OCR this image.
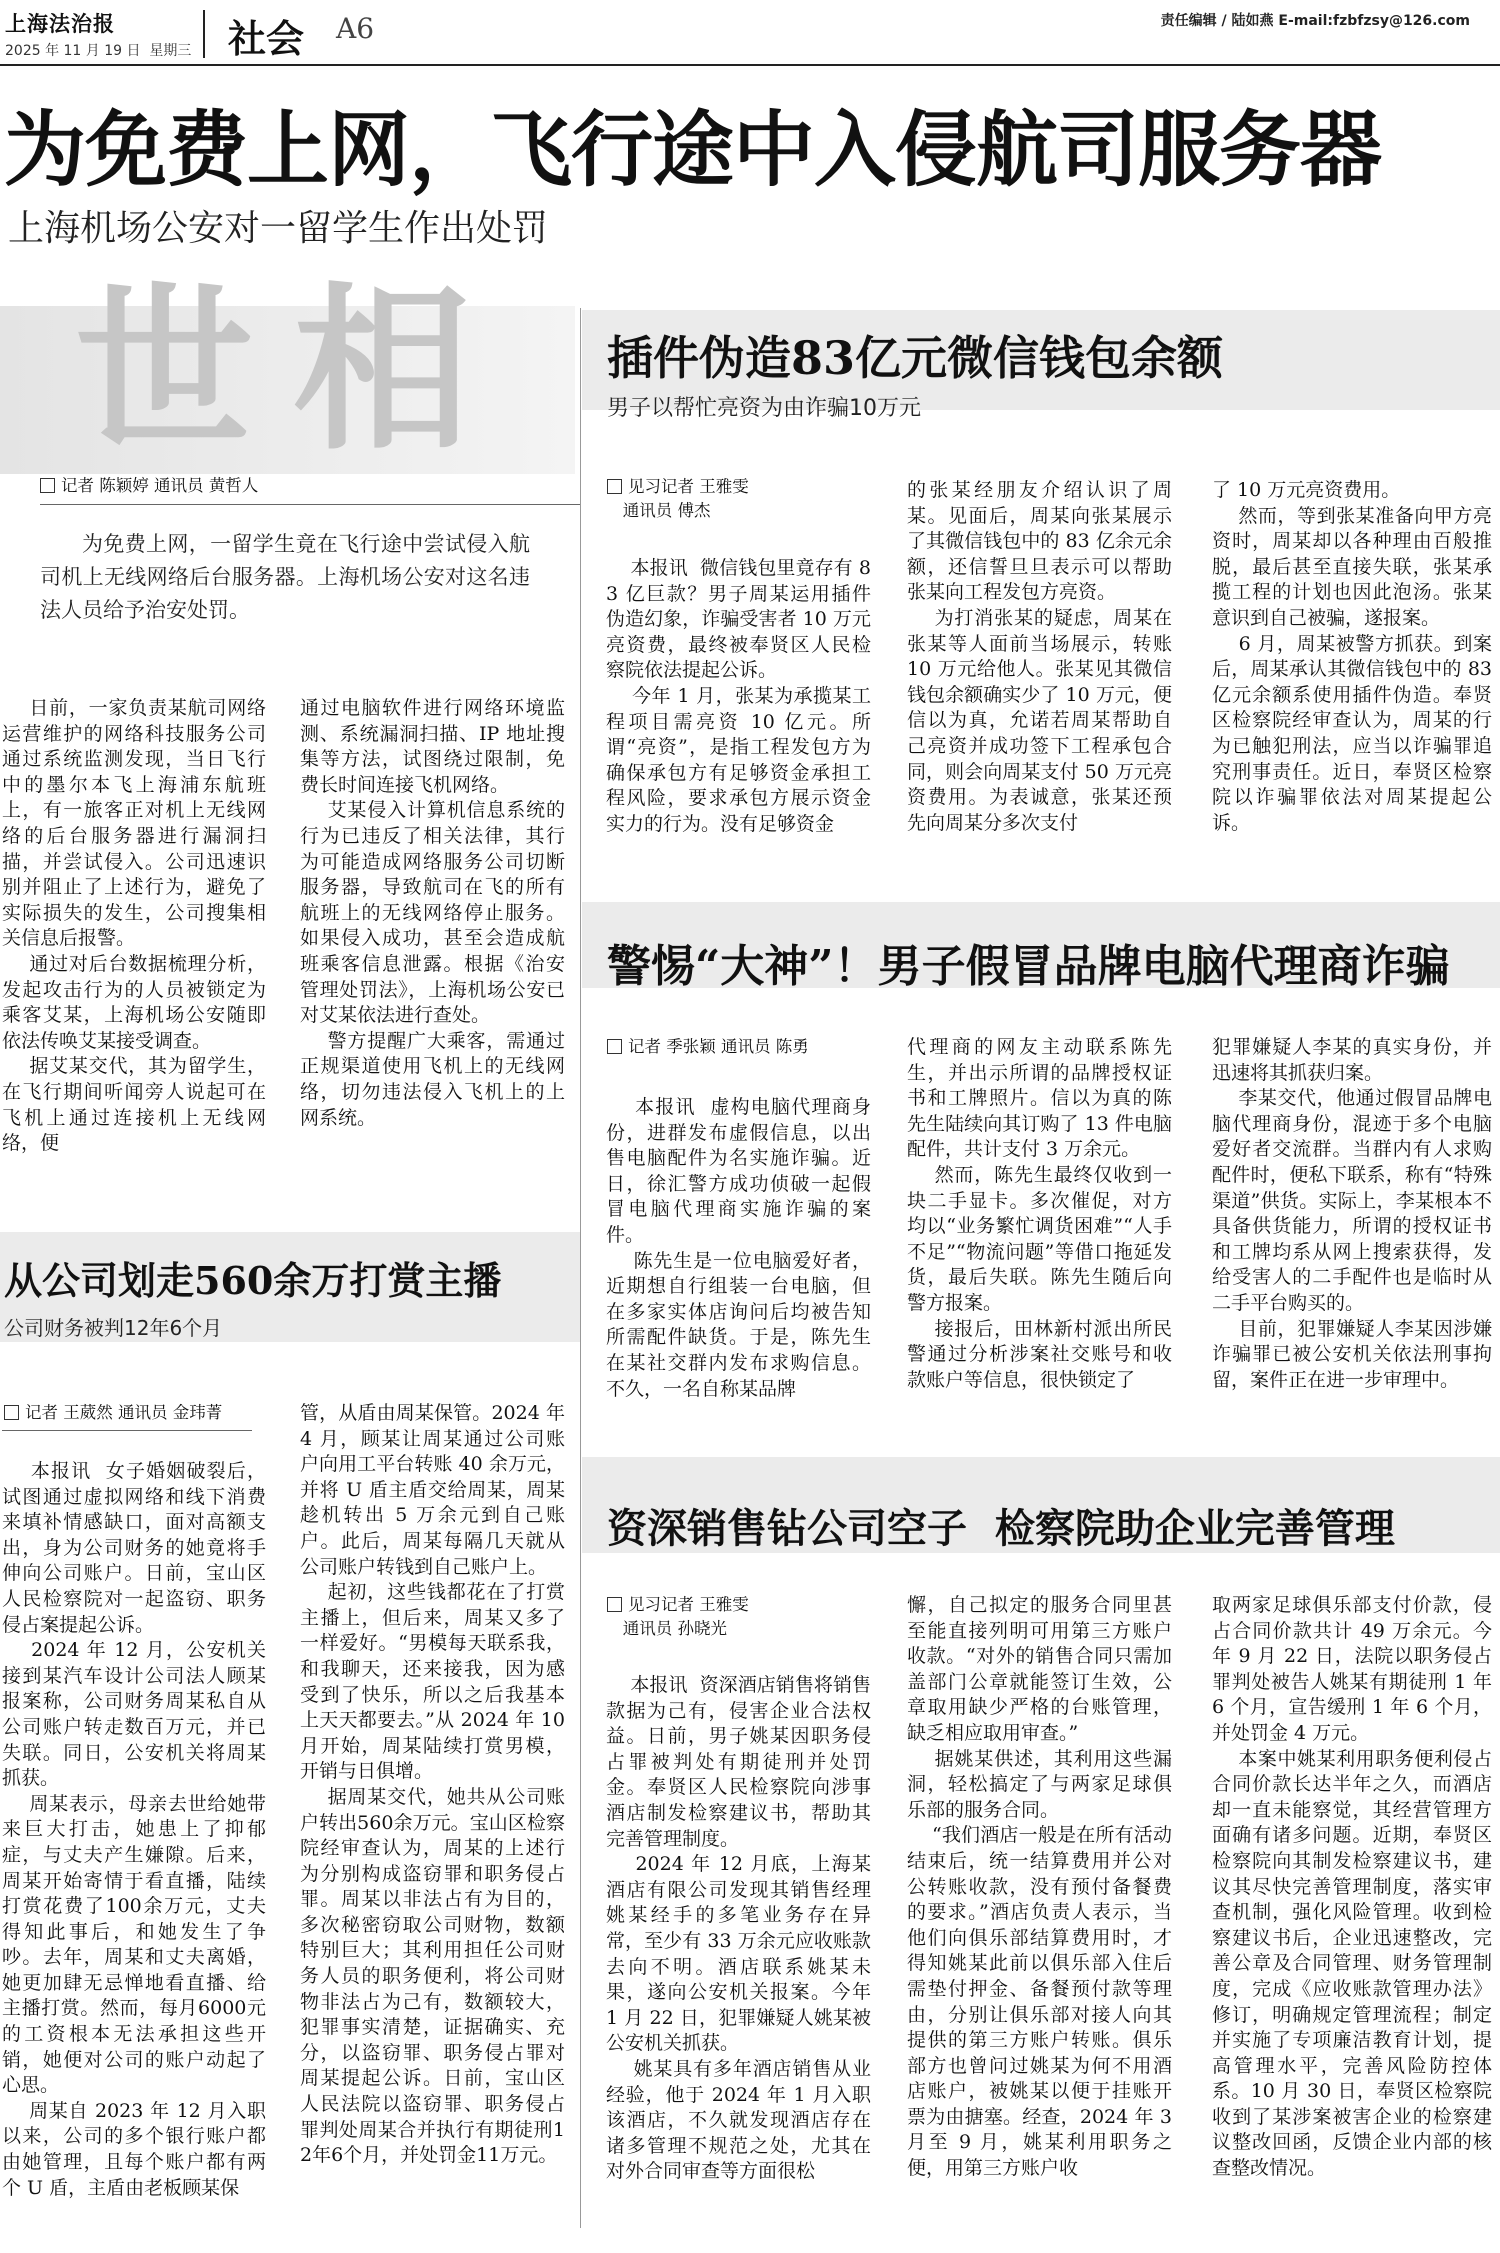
上海法治报
2025 年 11 月 19 日  星期三 社会 A6	责任编辑 / 陆如燕 E-mail:fzbfzsy@126.com
为免费上网，飞行途中入侵航司服务器
上海机场公安对一留学生作出处罚
世相
记者 陈颖婷 通讯员 黄哲人
为免费上网，一留学生竟在飞行途中尝试侵入航司机上无线网络后台服务器。上海机场公安对这名违法人员给予治安处罚。
日前，一家负责某航司网络运营维护的网络科技服务公司通过系统监测发现，当日飞行中的墨尔本飞上海浦东航班上，有一旅客正对机上无线网络的后台服务器进行漏洞扫描，并尝试侵入。公司迅速识别并阻止了上述行为，避免了实际损失的发生，公司搜集相关信息后报警。
通过对后台数据梳理分析，发起攻击行为的人员被锁定为乘客艾某，上海机场公安随即依法传唤艾某接受调查。
据艾某交代，其为留学生，在飞行期间听闻旁人说起可在飞机上通过连接机上无线网络，便
通过电脑软件进行网络环境监测、系统漏洞扫描、IP 地址搜集等方法，试图绕过限制，免费长时间连接飞机网络。
艾某侵入计算机信息系统的行为已违反了相关法律，其行为可能造成网络服务公司切断服务器，导致航司在飞的所有航班上的无线网络停止服务。如果侵入成功，甚至会造成航班乘客信息泄露。根据《治安管理处罚法》，上海机场公安已对艾某依法进行查处。
警方提醒广大乘客，需通过正规渠道使用飞机上的无线网络，切勿违法侵入飞机上的上网系统。
插件伪造83亿元微信钱包余额
男子以帮忙亮资为由诈骗10万元
见习记者 王雅雯
通讯员 傅杰
本报讯  微信钱包里竟存有 83 亿巨款？男子周某运用插件伪造幻象，诈骗受害者 10 万元亮资费，最终被奉贤区人民检察院依法提起公诉。
今年 1 月，张某为承揽某工程项目需亮资 10 亿元。所谓“亮资”，是指工程发包方为确保承包方有足够资金承担工程风险，要求承包方展示资金实力的行为。没有足够资金
的张某经朋友介绍认识了周某。见面后，周某向张某展示了其微信钱包中的 83 亿余元余额，还信誓旦旦表示可以帮助张某向工程发包方亮资。
为打消张某的疑虑，周某在张某等人面前当场展示，转账 10 万元给他人。张某见其微信钱包余额确实少了 10 万元，便信以为真，允诺若周某帮助自己亮资并成功签下工程承包合同，则会向周某支付 50 万元亮资费用。为表诚意，张某还预先向周某分多次支付
了 10 万元亮资费用。
然而，等到张某准备向甲方亮资时，周某却以各种理由百般推脱，最后甚至直接失联，张某承揽工程的计划也因此泡汤。张某意识到自己被骗，遂报案。
6 月，周某被警方抓获。到案后，周某承认其微信钱包中的 83 亿元余额系使用插件伪造。奉贤区检察院经审查认为，周某的行为已触犯刑法，应当以诈骗罪追究刑事责任。近日，奉贤区检察院以诈骗罪依法对周某提起公诉。
警惕“大神”！男子假冒品牌电脑代理商诈骗
记者 季张颖 通讯员 陈勇
本报讯  虚构电脑代理商身份，进群发布虚假信息，以出售电脑配件为名实施诈骗。近日，徐汇警方成功侦破一起假冒电脑代理商实施诈骗的案件。
陈先生是一位电脑爱好者，近期想自行组装一台电脑，但在多家实体店询问后均被告知所需配件缺货。于是，陈先生在某社交群内发布求购信息。不久，一名自称某品牌
代理商的网友主动联系陈先生，并出示所谓的品牌授权证书和工牌照片。信以为真的陈先生陆续向其订购了 13 件电脑配件，共计支付 3 万余元。
然而，陈先生最终仅收到一块二手显卡。多次催促，对方均以“业务繁忙调货困难”“人手不足”“物流问题”等借口拖延发货，最后失联。陈先生随后向警方报案。
接报后，田林新村派出所民警通过分析涉案社交账号和收款账户等信息，很快锁定了
犯罪嫌疑人李某的真实身份，并迅速将其抓获归案。
李某交代，他通过假冒品牌电脑代理商身份，混迹于多个电脑爱好者交流群。当群内有人求购配件时，便私下联系，称有“特殊渠道”供货。实际上，李某根本不具备供货能力，所谓的授权证书和工牌均系从网上搜索获得，发给受害人的二手配件也是临时从二手平台购买的。
目前，犯罪嫌疑人李某因涉嫌诈骗罪已被公安机关依法刑事拘留，案件正在进一步审理中。
从公司划走560余万打赏主播
公司财务被判12年6个月
记者 王葳然 通讯员 金玮菁
本报讯  女子婚姻破裂后，试图通过虚拟网络和线下消费来填补情感缺口，面对高额支出，身为公司财务的她竟将手伸向公司账户。日前，宝山区人民检察院对一起盗窃、职务侵占案提起公诉。
2024 年 12 月，公安机关接到某汽车设计公司法人顾某报案称，公司财务周某私自从公司账户转走数百万元，并已失联。同日，公安机关将周某抓获。
周某表示，母亲去世给她带来巨大打击，她患上了抑郁症，与丈夫产生嫌隙。后来，周某开始寄情于看直播，陆续打赏花费了100余万元，丈夫得知此事后，和她发生了争吵。去年，周某和丈夫离婚，她更加肆无忌惮地看直播、给主播打赏。然而，每月6000元的工资根本无法承担这些开销，她便对公司的账户动起了心思。
周某自 2023 年 12 月入职以来，公司的多个银行账户都由她管理，且每个账户都有两个 U 盾，主盾由老板顾某保
管，从盾由周某保管。2024 年 4 月，顾某让周某通过公司账户向用工平台转账 40 余万元，并将 U 盾主盾交给周某，周某趁机转出 5 万余元到自己账户。此后，周某每隔几天就从公司账户转钱到自己账户上。
起初，这些钱都花在了打赏主播上，但后来，周某又多了一样爱好。“男模每天联系我，和我聊天，还来接我，因为感受到了快乐，所以之后我基本上天天都要去。”从 2024 年 10 月开始，周某陆续打赏男模，开销与日俱增。
据周某交代，她共从公司账户转出560余万元。宝山区检察院经审查认为，周某的上述行为分别构成盗窃罪和职务侵占罪。周某以非法占有为目的，多次秘密窃取公司财物，数额特别巨大；其利用担任公司财务人员的职务便利，将公司财物非法占为己有，数额较大，犯罪事实清楚，证据确实、充分，以盗窃罪、职务侵占罪对周某提起公诉。日前，宝山区人民法院以盗窃罪、职务侵占罪判处周某合并执行有期徒刑12年6个月，并处罚金11万元。
资深销售钻公司空子  检察院助企业完善管理
见习记者 王雅雯
通讯员 孙晓光
本报讯  资深酒店销售将销售款据为己有，侵害企业合法权益。日前，男子姚某因职务侵占罪被判处有期徒刑并处罚金。奉贤区人民检察院向涉事酒店制发检察建议书，帮助其完善管理制度。
2024 年 12 月底，上海某酒店有限公司发现其销售经理姚某经手的多笔业务存在异常，至少有 33 万余元应收账款去向不明。酒店联系姚某未果，遂向公安机关报案。今年 1 月 22 日，犯罪嫌疑人姚某被公安机关抓获。
姚某具有多年酒店销售从业经验，他于 2024 年 1 月入职该酒店，不久就发现酒店存在诸多管理不规范之处，尤其在对外合同审查等方面很松
懈，自己拟定的服务合同里甚至能直接列明可用第三方账户收款。“对外的销售合同只需加盖部门公章就能签订生效，公章取用缺少严格的台账管理，缺乏相应取用审查。”
据姚某供述，其利用这些漏洞，轻松搞定了与两家足球俱乐部的服务合同。
“我们酒店一般是在所有活动结束后，统一结算费用并公对公转账收款，没有预付备餐费的要求。”酒店负责人表示，当他们向俱乐部结算费用时，才得知姚某此前以俱乐部入住后需垫付押金、备餐预付款等理由，分别让俱乐部对接人向其提供的第三方账户转账。俱乐部方也曾问过姚某为何不用酒店账户，被姚某以便于挂账开票为由搪塞。经查，2024 年 3 月至 9 月，姚某利用职务之便，用第三方账户收
取两家足球俱乐部支付价款，侵占合同价款共计 49 万余元。今年 9 月 22 日，法院以职务侵占罪判处被告人姚某有期徒刑 1 年 6 个月，宣告缓刑 1 年 6 个月，并处罚金 4 万元。
本案中姚某利用职务便利侵占合同价款长达半年之久，而酒店却一直未能察觉，其经营管理方面确有诸多问题。近期，奉贤区检察院向其制发检察建议书，建议其尽快完善管理制度，落实审查机制，强化风险管理。收到检察建议书后，企业迅速整改，完善公章及合同管理、财务管理制度，完成《应收账款管理办法》修订，明确规定管理流程；制定并实施了专项廉洁教育计划，提高管理水平，完善风险防控体系。10 月 30 日，奉贤区检察院收到了某涉案被害企业的检察建议整改回函，反馈企业内部的核查整改情况。
